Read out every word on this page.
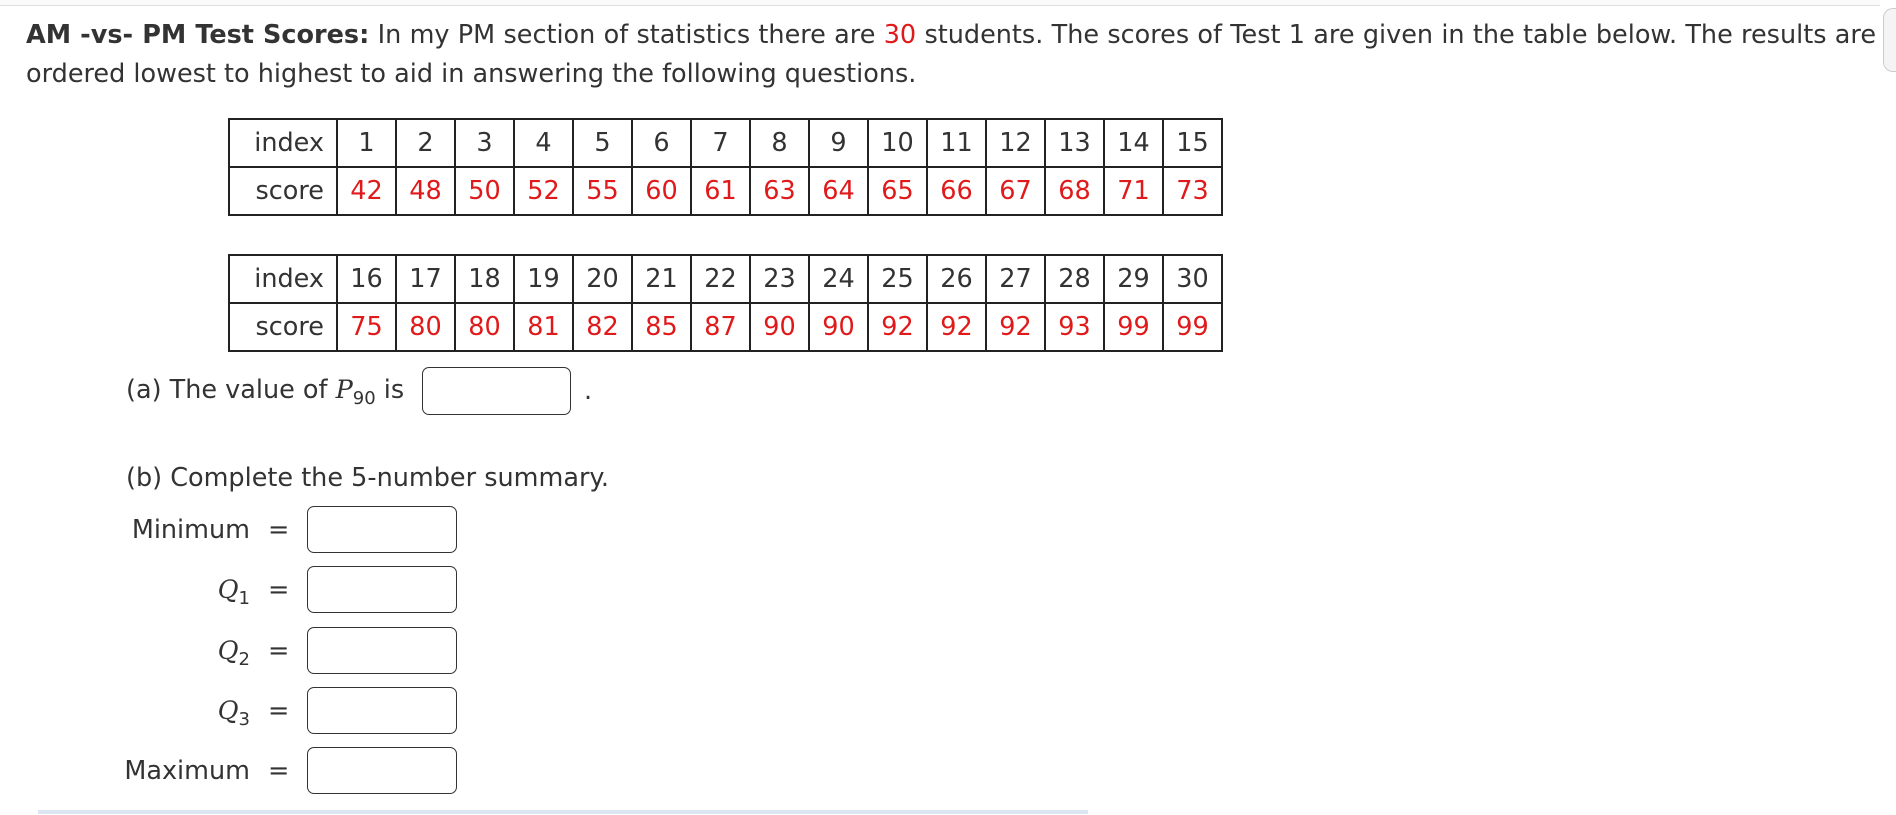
AM -vs- PM Test Scores: In my PM section of statistics there are 30 students. The scores of Test 1 are given in the table below. The results are ordered lowest to highest to aid in answering the following questions.
index	1	2	3	4	5	6	7	8	9	10	11	12	13	14	15
score	42	48	50	52	55	60	61	63	64	65	66	67	68	71	73
index	16	17	18	19	20	21	22	23	24	25	26	27	28	29	30
score	75	80	80	81	82	85	87	90	90	92	92	92	93	99	99
(a) The value of $P_{90}$ is	.
(b) Complete the 5-number summary.
Minimum =
$Q_1$ =
$Q_2$ =
$Q_3$ =
Maximum =
